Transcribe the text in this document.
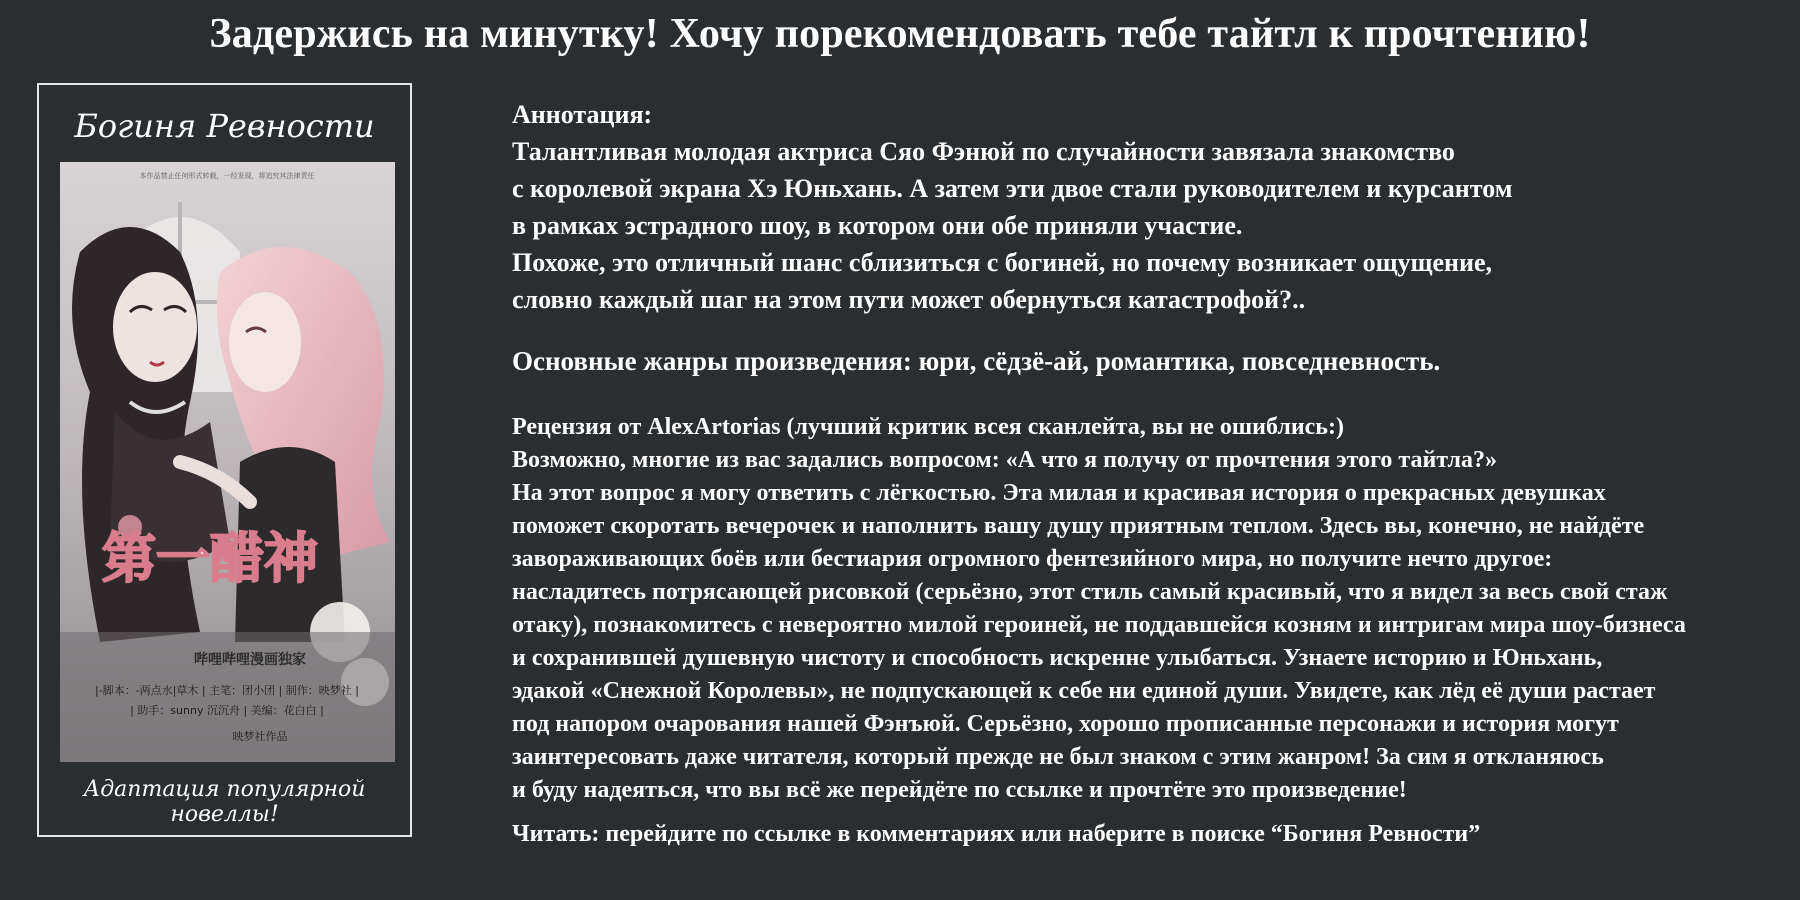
Задержись на минутку! Хочу порекомендовать тебе тайтл к прочтению!
Богиня Ревности
本作品禁止任何形式转载，一经发现，将追究其法律责任
第一醋神
哔哩哔哩漫画独家
|-脚本：-两点水|草木 | 主笔：团小团 | 制作：映梦社 |
| 助手：sunny 沉沉舟 | 美编：花白白 |
映梦社作品
Адаптация популярной новеллы!
Аннотация:
Талантливая молодая актриса Сяо Фэнюй по случайности завязала знакомство
с королевой экрана Хэ Юньхань. А затем эти двое стали руководителем и курсантом
в рамках эстрадного шоу, в котором они обе приняли участие.
Похоже, это отличный шанс сблизиться с богиней, но почему возникает ощущение,
словно каждый шаг на этом пути может обернуться катастрофой?..
Основные жанры произведения: юри, сёдзё-ай, романтика, повседневность.
Рецензия от AlexArtorias (лучший критик всея сканлейта, вы не ошиблись:)
Возможно, многие из вас задались вопросом: «А что я получу от прочтения этого тайтла?»
На этот вопрос я могу ответить с лёгкостью. Эта милая и красивая история о прекрасных девушках
поможет скоротать вечерочек и наполнить вашу душу приятным теплом. Здесь вы, конечно, не найдёте
завораживающих боёв или бестиария огромного фентезийного мира, но получите нечто другое:
насладитесь потрясающей рисовкой (серьёзно, этот стиль самый красивый, что я видел за весь свой стаж
отаку), познакомитесь с невероятно милой героиней, не поддавшейся козням и интригам мира шоу-бизнеса
и сохранившей душевную чистоту и способность искренне улыбаться. Узнаете историю и Юньхань,
эдакой «Снежной Королевы», не подпускающей к себе ни единой души. Увидете, как лёд её души растает
под напором очарования нашей Фэнъюй. Серьёзно, хорошо прописанные персонажи и история могут
заинтересовать даже читателя, который прежде не был знаком с этим жанром! За сим я откланяюсь
и буду надеяться, что вы всё же перейдёте по ссылке и прочтёте это произведение!
Читать: перейдите по ссылке в комментариях или наберите в поиске “Богиня Ревности”
